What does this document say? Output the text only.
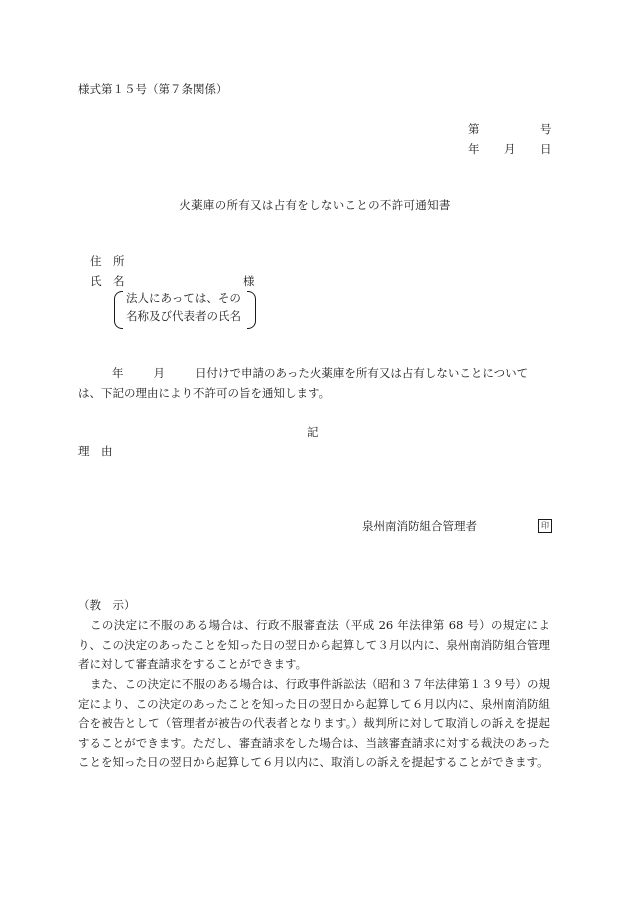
様式第１５号（第７条関係）
第	号
年 月 日
火薬庫の所有又は占有をしないことの不許可通知書
住　所
氏　名	様
法人にあっては、その
名称及び代表者の氏名
年	月	日付けで申請のあった火薬庫を所有又は占有しないことについては、下記の理由により不許可の旨を通知します。
記
理　由
泉州南消防組合管理者	印
（教　示）
この決定に不服のある場合は、行政不服審査法（平成 26 年法律第 68 号）の規定により、この決定のあったことを知った日の翌日から起算して３月以内に、泉州南消防組合管理者に対して審査請求をすることができます。
また、この決定に不服のある場合は、行政事件訴訟法（昭和３７年法律第１３９号）の規定により、この決定のあったことを知った日の翌日から起算して６月以内に、泉州南消防組合を被告として（管理者が被告の代表者となります。）裁判所に対して取消しの訴えを提起することができます。ただし、審査請求をした場合は、当該審査請求に対する裁決のあったことを知った日の翌日から起算して６月以内に、取消しの訴えを提起することができます。
